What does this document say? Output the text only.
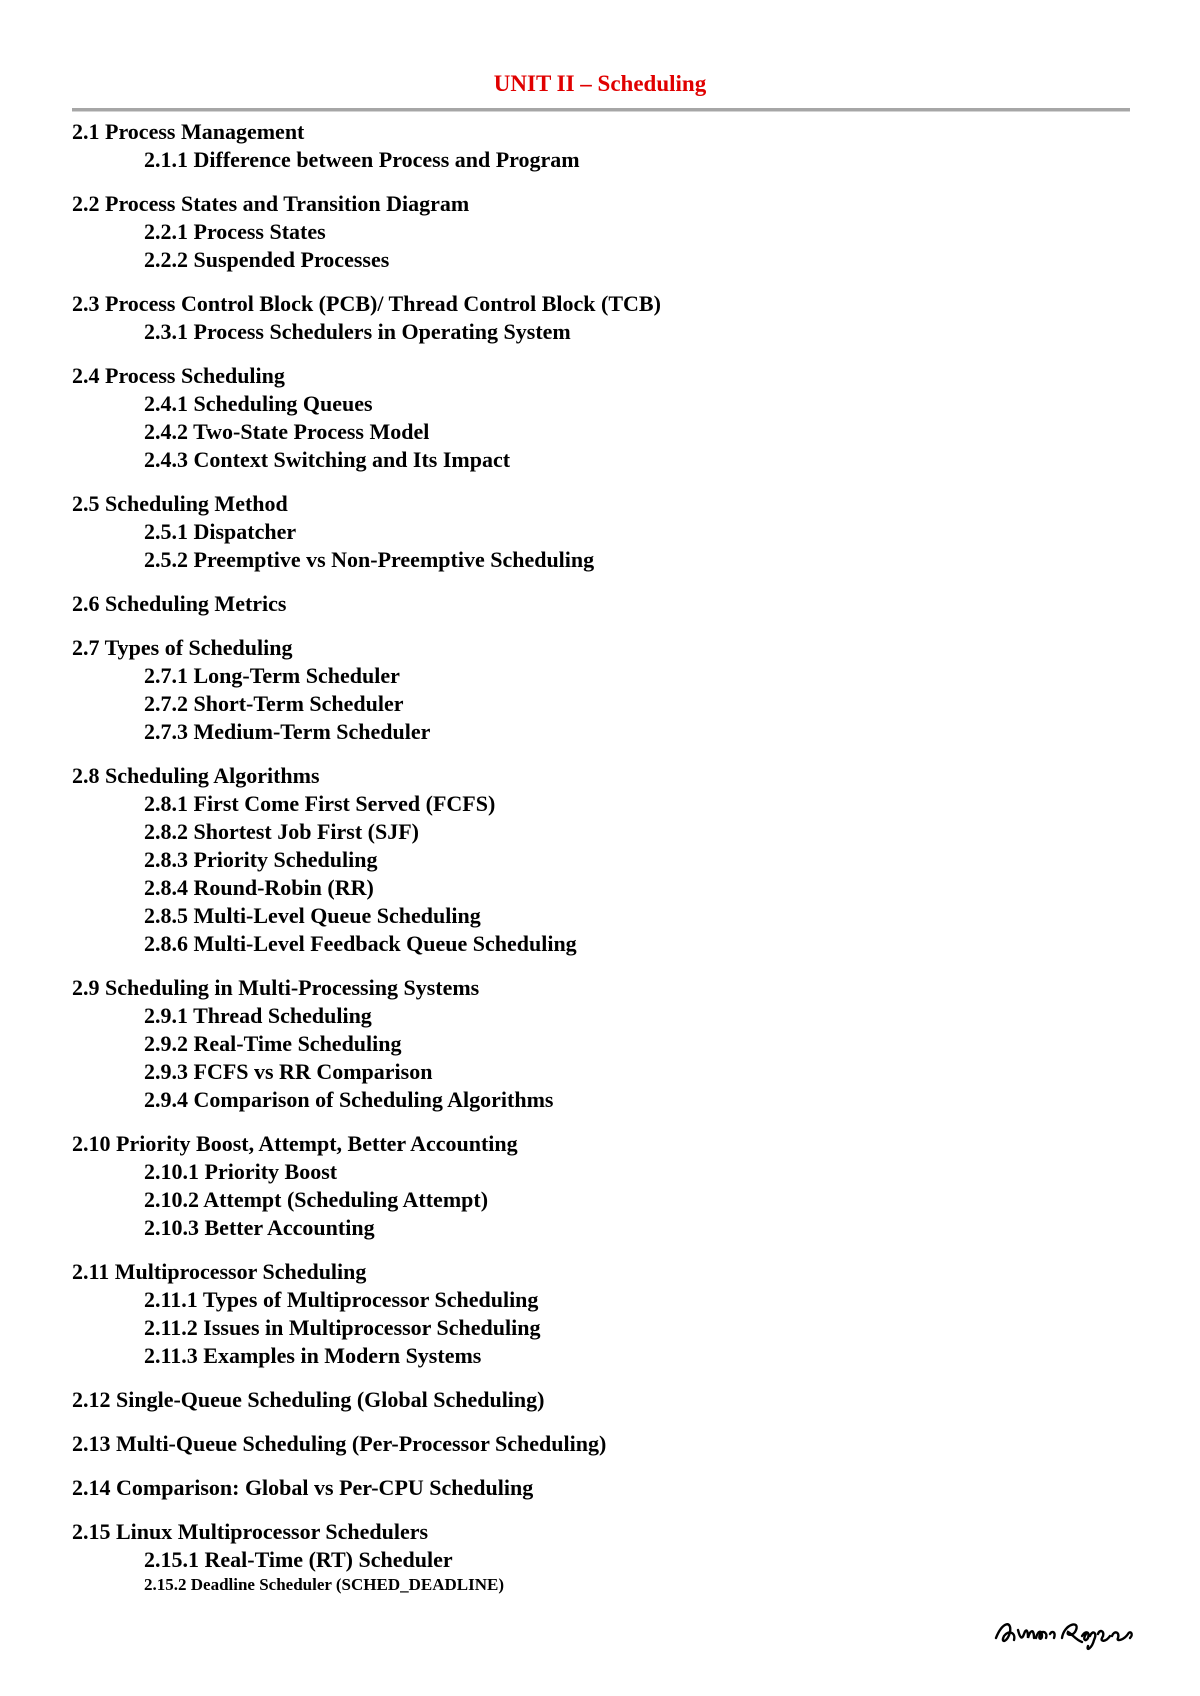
UNIT II – Scheduling
2.1 Process Management
2.1.1 Difference between Process and Program
2.2 Process States and Transition Diagram
2.2.1 Process States
2.2.2 Suspended Processes
2.3 Process Control Block (PCB)/ Thread Control Block (TCB)
2.3.1 Process Schedulers in Operating System
2.4 Process Scheduling
2.4.1 Scheduling Queues
2.4.2 Two-State Process Model
2.4.3 Context Switching and Its Impact
2.5 Scheduling Method
2.5.1 Dispatcher
2.5.2 Preemptive vs Non-Preemptive Scheduling
2.6 Scheduling Metrics
2.7 Types of Scheduling
2.7.1 Long-Term Scheduler
2.7.2 Short-Term Scheduler
2.7.3 Medium-Term Scheduler
2.8 Scheduling Algorithms
2.8.1 First Come First Served (FCFS)
2.8.2 Shortest Job First (SJF)
2.8.3 Priority Scheduling
2.8.4 Round-Robin (RR)
2.8.5 Multi-Level Queue Scheduling
2.8.6 Multi-Level Feedback Queue Scheduling
2.9 Scheduling in Multi-Processing Systems
2.9.1 Thread Scheduling
2.9.2 Real-Time Scheduling
2.9.3 FCFS vs RR Comparison
2.9.4 Comparison of Scheduling Algorithms
2.10 Priority Boost, Attempt, Better Accounting
2.10.1 Priority Boost
2.10.2 Attempt (Scheduling Attempt)
2.10.3 Better Accounting
2.11 Multiprocessor Scheduling
2.11.1 Types of Multiprocessor Scheduling
2.11.2 Issues in Multiprocessor Scheduling
2.11.3 Examples in Modern Systems
2.12 Single-Queue Scheduling (Global Scheduling)
2.13 Multi-Queue Scheduling (Per-Processor Scheduling)
2.14 Comparison: Global vs Per-CPU Scheduling
2.15 Linux Multiprocessor Schedulers
2.15.1 Real-Time (RT) Scheduler
2.15.2 Deadline Scheduler (SCHED_DEADLINE)
